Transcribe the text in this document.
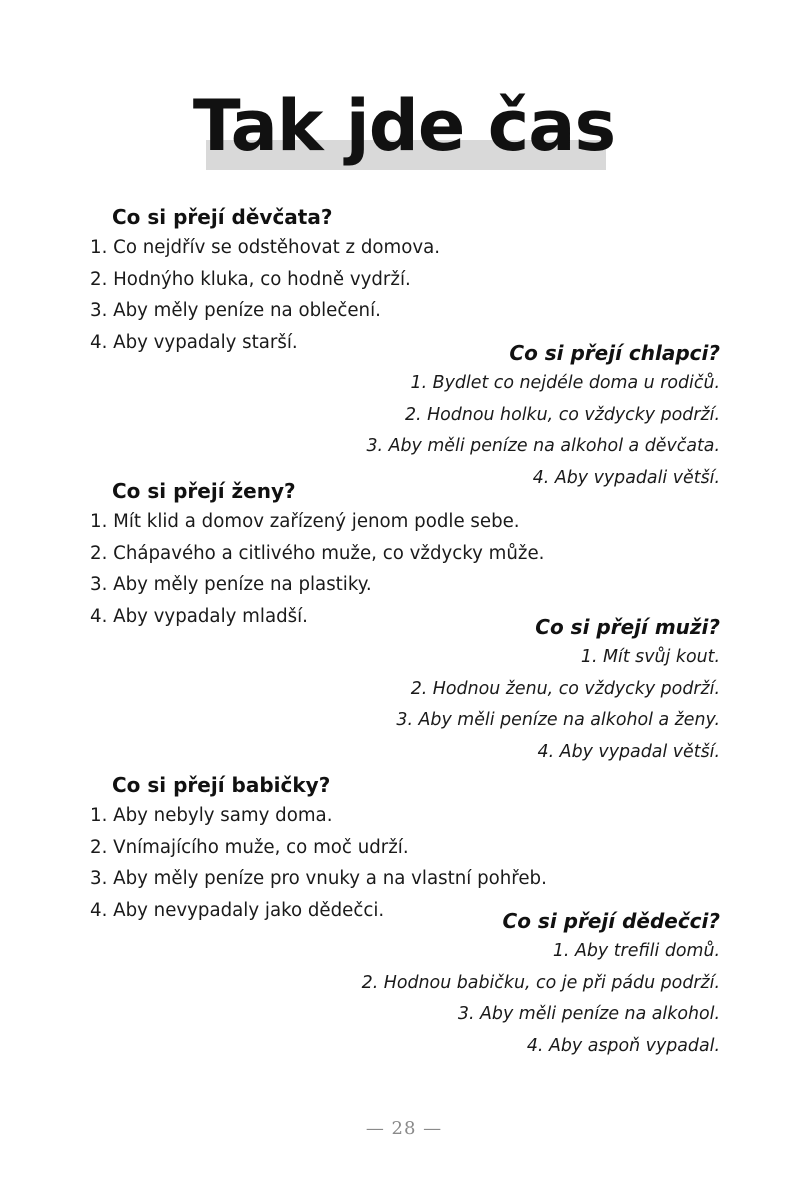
Tak jde čas
Co si přejí děvčata?
1. Co nejdřív se odstěhovat z domova.
2. Hodnýho kluka, co hodně vydrží.
3. Aby měly peníze na oblečení.
4. Aby vypadaly starší.	Co si přejí chlapci?
1. Bydlet co nejdéle doma u rodičů.
2. Hodnou holku, co vždycky podrží.
3. Aby měli peníze na alkohol a děvčata.
4. Aby vypadali větší.
Co si přejí ženy?
1. Mít klid a domov zařízený jenom podle sebe.
2. Chápavého a citlivého muže, co vždycky může.
3. Aby měly peníze na plastiky.
4. Aby vypadaly mladší.	Co si přejí muži?
1. Mít svůj kout.
2. Hodnou ženu, co vždycky podrží.
3. Aby měli peníze na alkohol a ženy.
4. Aby vypadal větší.
Co si přejí babičky?
1. Aby nebyly samy doma.
2. Vnímajícího muže, co moč udrží.
3. Aby měly peníze pro vnuky a na vlastní pohřeb.
4. Aby nevypadaly jako dědečci.	Co si přejí dědečci?
1. Aby trefili domů.
2. Hodnou babičku, co je při pádu podrží.
3. Aby měli peníze na alkohol.
4. Aby aspoň vypadal.
— 28 —
